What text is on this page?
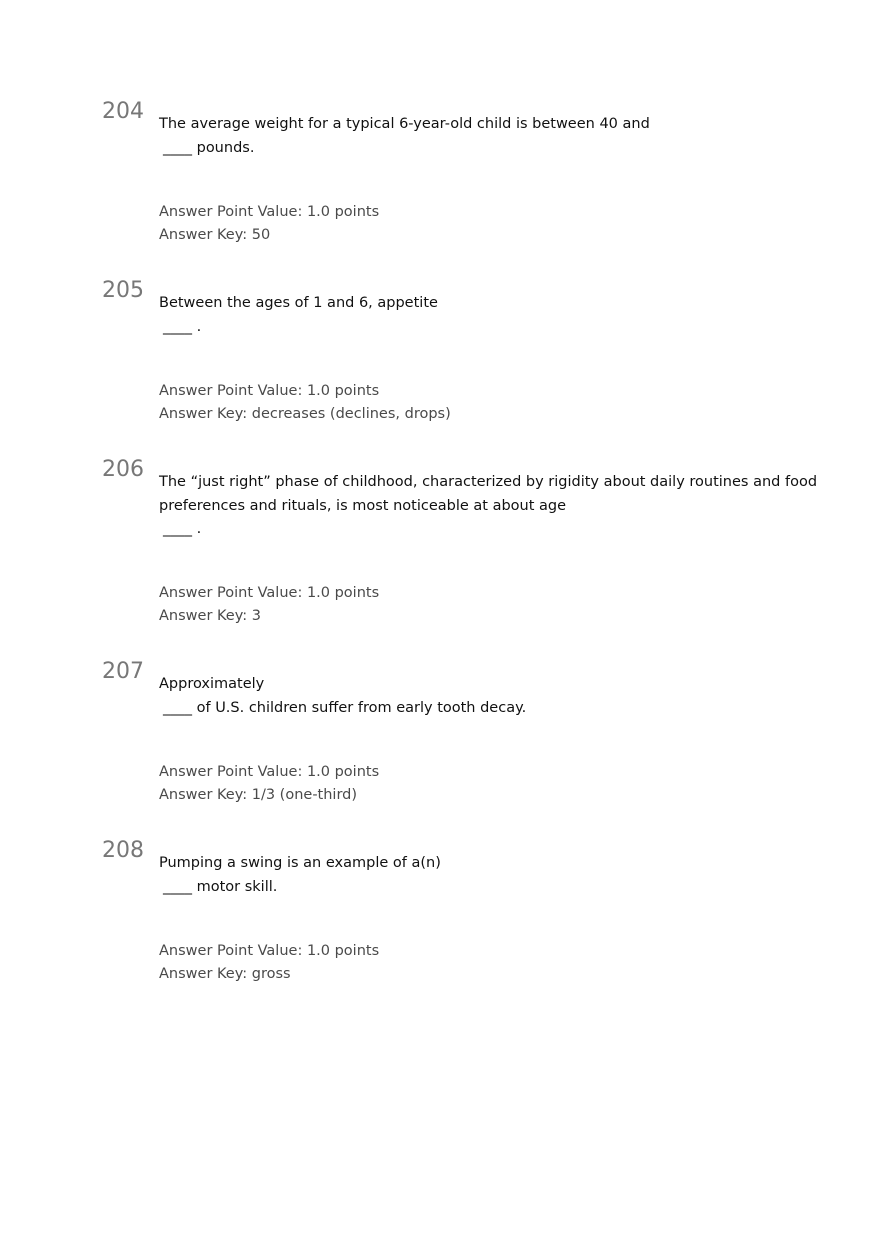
204 The average weight for a typical 6-year-old child is between 40 and
____ pounds.
Answer Point Value: 1.0 points
Answer Key: 50
205 Between the ages of 1 and 6, appetite
____ .
Answer Point Value: 1.0 points
Answer Key: decreases (declines, drops)
206 The “just right” phase of childhood, characterized by rigidity about daily routines and food
preferences and rituals, is most noticeable at about age
____ .
Answer Point Value: 1.0 points
Answer Key: 3
207 Approximately
____ of U.S. children suffer from early tooth decay.
Answer Point Value: 1.0 points
Answer Key: 1/3 (one-third)
208 Pumping a swing is an example of a(n)
____ motor skill.
Answer Point Value: 1.0 points
Answer Key: gross
